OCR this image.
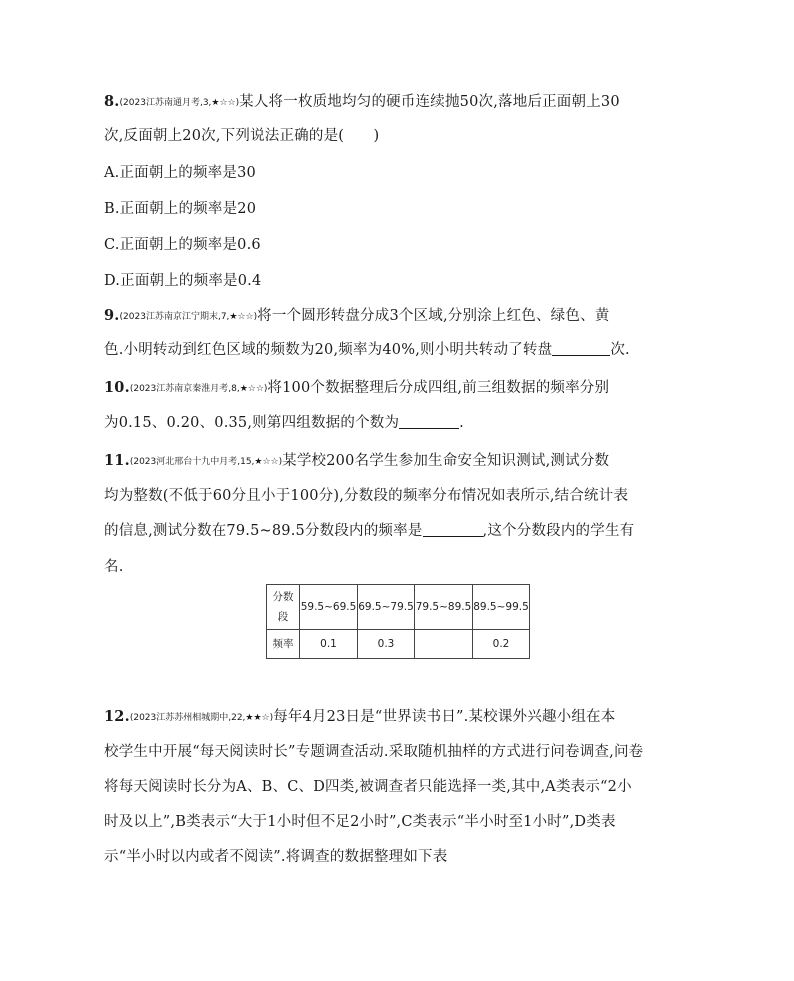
8.(2023江苏南通月考,3,★☆☆)某人将一枚质地均匀的硬币连续抛50次,落地后正面朝上30
次,反面朝上20次,下列说法正确的是(　　)
A.正面朝上的频率是30
B.正面朝上的频率是20
C.正面朝上的频率是0.6
D.正面朝上的频率是0.4
9.(2023江苏南京江宁期末,7,★☆☆)将一个圆形转盘分成3个区域,分别涂上红色、绿色、黄
色.小明转动到红色区域的频数为20,频率为40%,则小明共转动了转盘	次.
10.(2023江苏南京秦淮月考,8,★☆☆)将100个数据整理后分成四组,前三组数据的频率分别
为0.15、0.20、0.35,则第四组数据的个数为	.
11.(2023河北邢台十九中月考,15,★☆☆)某学校200名学生参加生命安全知识测试,测试分数
均为整数(不低于60分且小于100分),分数段的频率分布情况如表所示,结合统计表
的信息,测试分数在79.5~89.5分数段内的频率是	,这个分数段内的学生有
名.
分数
段	59.5~69.5	69.5~79.5	79.5~89.5	89.5~99.5
频率	0.1	0.3		0.2
12.(2023江苏苏州相城期中,22,★★☆)每年4月23日是“世界读书日”.某校课外兴趣小组在本
校学生中开展“每天阅读时长”专题调查活动.采取随机抽样的方式进行问卷调查,问卷
将每天阅读时长分为A、B、C、D四类,被调查者只能选择一类,其中,A类表示“2小
时及以上”,B类表示“大于1小时但不足2小时”,C类表示“半小时至1小时”,D类表
示“半小时以内或者不阅读”.将调查的数据整理如下表
